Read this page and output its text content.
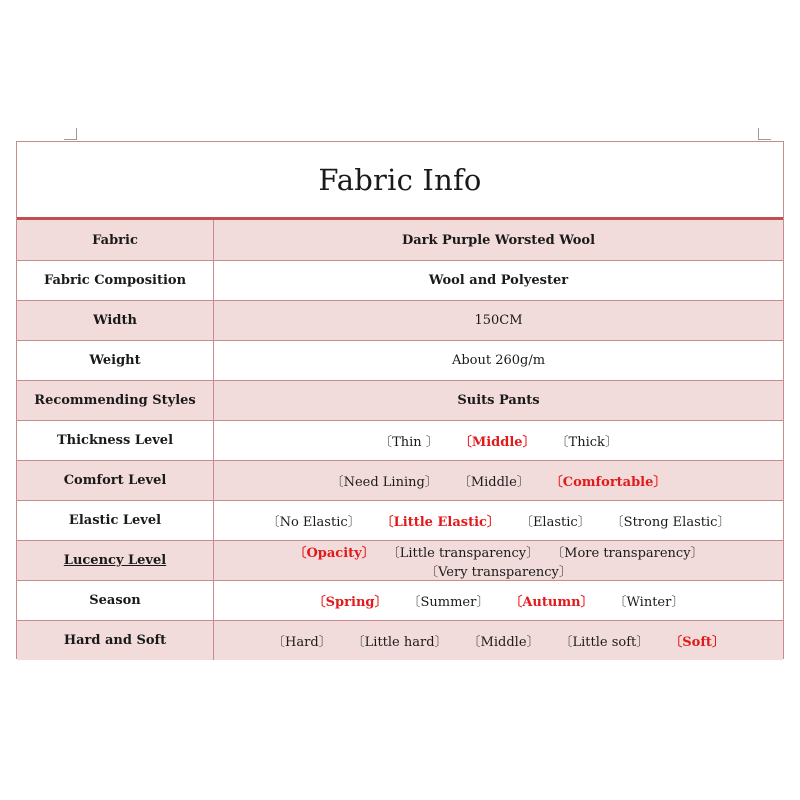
Fabric Info
Fabric	Dark Purple Worsted Wool
Fabric Composition	Wool and Polyester
Width	150CM
Weight	About 260g/m
Recommending Styles	Suits Pants
Thickness Level	〔Thin 〕 〔Middle〕 〔Thick〕
Comfort Level	〔Need Lining〕 〔Middle〕 〔Comfortable〕
Elastic Level	〔No Elastic〕 〔Little Elastic〕 〔Elastic〕 〔Strong Elastic〕
Lucency Level	〔Opacity〕 〔Little transparency〕 〔More transparency〕〔Very transparency〕
Season	〔Spring〕 〔Summer〕 〔Autumn〕 〔Winter〕
Hard and Soft	〔Hard〕 〔Little hard〕 〔Middle〕 〔Little soft〕 〔Soft〕
